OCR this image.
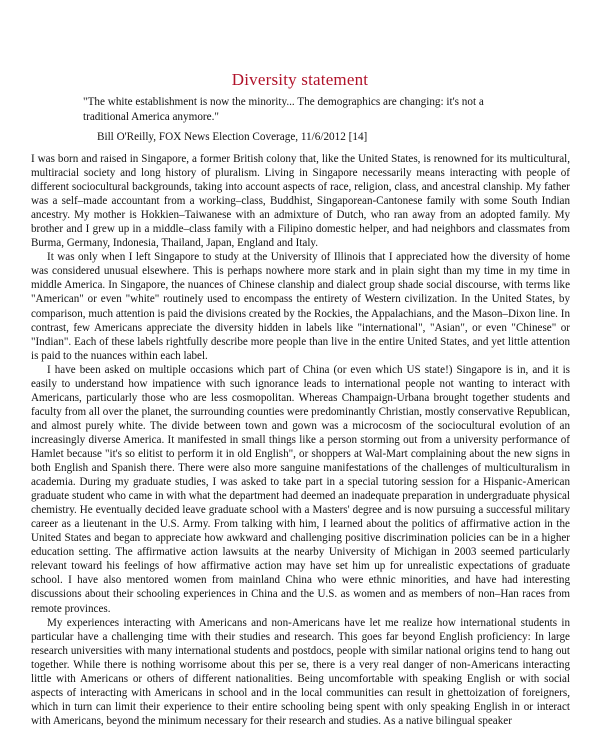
Diversity statement
"The white establishment is now the minority... The demographics are changing: it's not a traditional America anymore."
Bill O'Reilly, FOX News Election Coverage, 11/6/2012 [14]

I was born and raised in Singapore, a former British colony that, like the United States, is renowned for its multicultural, multiracial society and long history of pluralism. Living in Singapore necessarily means interacting with people of different sociocultural backgrounds, taking into account aspects of race, religion, class, and ancestral clanship. My father was a self–made accountant from a working–class, Buddhist, Singaporean-Cantonese family with some South Indian ancestry. My mother is Hokkien–Taiwanese with an admixture of Dutch, who ran away from an adopted family. My brother and I grew up in a middle–class family with a Filipino domestic helper, and had neighbors and classmates from Burma, Germany, Indonesia, Thailand, Japan, England and Italy.

It was only when I left Singapore to study at the University of Illinois that I appreciated how the diversity of home was considered unusual elsewhere. This is perhaps nowhere more stark and in plain sight than my time in my time in middle America. In Singapore, the nuances of Chinese clanship and dialect group shade social discourse, with terms like "American" or even "white" routinely used to encompass the entirety of Western civilization. In the United States, by comparison, much attention is paid the divisions created by the Rockies, the Appalachians, and the Mason–Dixon line. In contrast, few Americans appreciate the diversity hidden in labels like "international", "Asian", or even "Chinese" or "Indian". Each of these labels rightfully describe more people than live in the entire United States, and yet little attention is paid to the nuances within each label.

I have been asked on multiple occasions which part of China (or even which US state!) Singapore is in, and it is easily to understand how impatience with such ignorance leads to international people not wanting to interact with Americans, particularly those who are less cosmopolitan. Whereas Champaign-Urbana brought together students and faculty from all over the planet, the surrounding counties were predominantly Christian, mostly conservative Republican, and almost purely white. The divide between town and gown was a microcosm of the sociocultural evolution of an increasingly diverse America. It manifested in small things like a person storming out from a university performance of Hamlet because "it's so elitist to perform it in old English", or shoppers at Wal-Mart complaining about the new signs in both English and Spanish there. There were also more sanguine manifestations of the challenges of multiculturalism in academia. During my graduate studies, I was asked to take part in a special tutoring session for a Hispanic-American graduate student who came in with what the department had deemed an inadequate preparation in undergraduate physical chemistry. He eventually decided leave graduate school with a Masters' degree and is now pursuing a successful military career as a lieutenant in the U.S. Army. From talking with him, I learned about the politics of affirmative action in the United States and began to appreciate how awkward and challenging positive discrimination policies can be in a higher education setting. The affirmative action lawsuits at the nearby University of Michigan in 2003 seemed particularly relevant toward his feelings of how affirmative action may have set him up for unrealistic expectations of graduate school. I have also mentored women from mainland China who were ethnic minorities, and have had interesting discussions about their schooling experiences in China and the U.S. as women and as members of non–Han races from remote provinces.

My experiences interacting with Americans and non-Americans have let me realize how international students in particular have a challenging time with their studies and research. This goes far beyond English proficiency: In large research universities with many international students and postdocs, people with similar national origins tend to hang out together. While there is nothing worrisome about this per se, there is a very real danger of non-Americans interacting little with Americans or others of different nationalities. Being uncomfortable with speaking English or with social aspects of interacting with Americans in school and in the local communities can result in ghettoization of foreigners, which in turn can limit their experience to their entire schooling being spent with only speaking English in or interact with Americans, beyond the minimum necessary for their research and studies. As a native bilingual speaker
